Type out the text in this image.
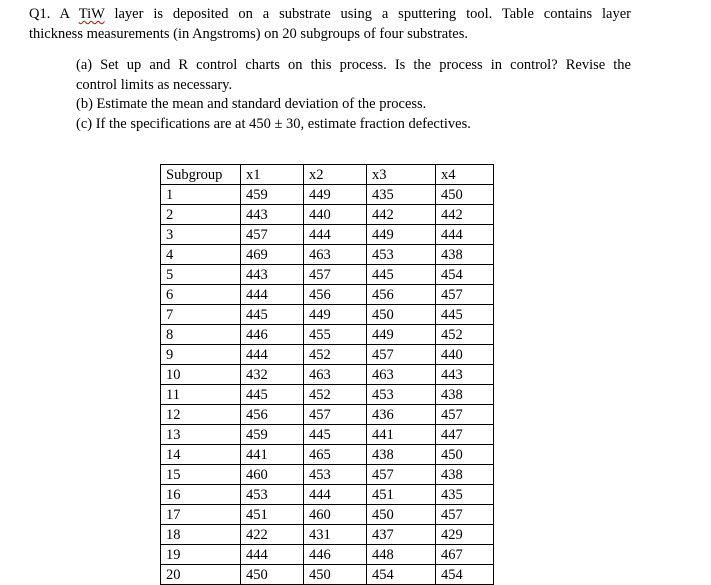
Q1. A TiW layer is deposited on a substrate using a sputtering tool. Table contains layer
thickness measurements (in Angstroms) on 20 subgroups of four substrates.
(a) Set up and R control charts on this process. Is the process in control? Revise the
control limits as necessary.
(b) Estimate the mean and standard deviation of the process.
(c) If the specifications are at 450 ± 30, estimate fraction defectives.
Subgroup	x1	x2	x3	x4
1	459	449	435	450
2	443	440	442	442
3	457	444	449	444
4	469	463	453	438
5	443	457	445	454
6	444	456	456	457
7	445	449	450	445
8	446	455	449	452
9	444	452	457	440
10	432	463	463	443
11	445	452	453	438
12	456	457	436	457
13	459	445	441	447
14	441	465	438	450
15	460	453	457	438
16	453	444	451	435
17	451	460	450	457
18	422	431	437	429
19	444	446	448	467
20	450	450	454	454
